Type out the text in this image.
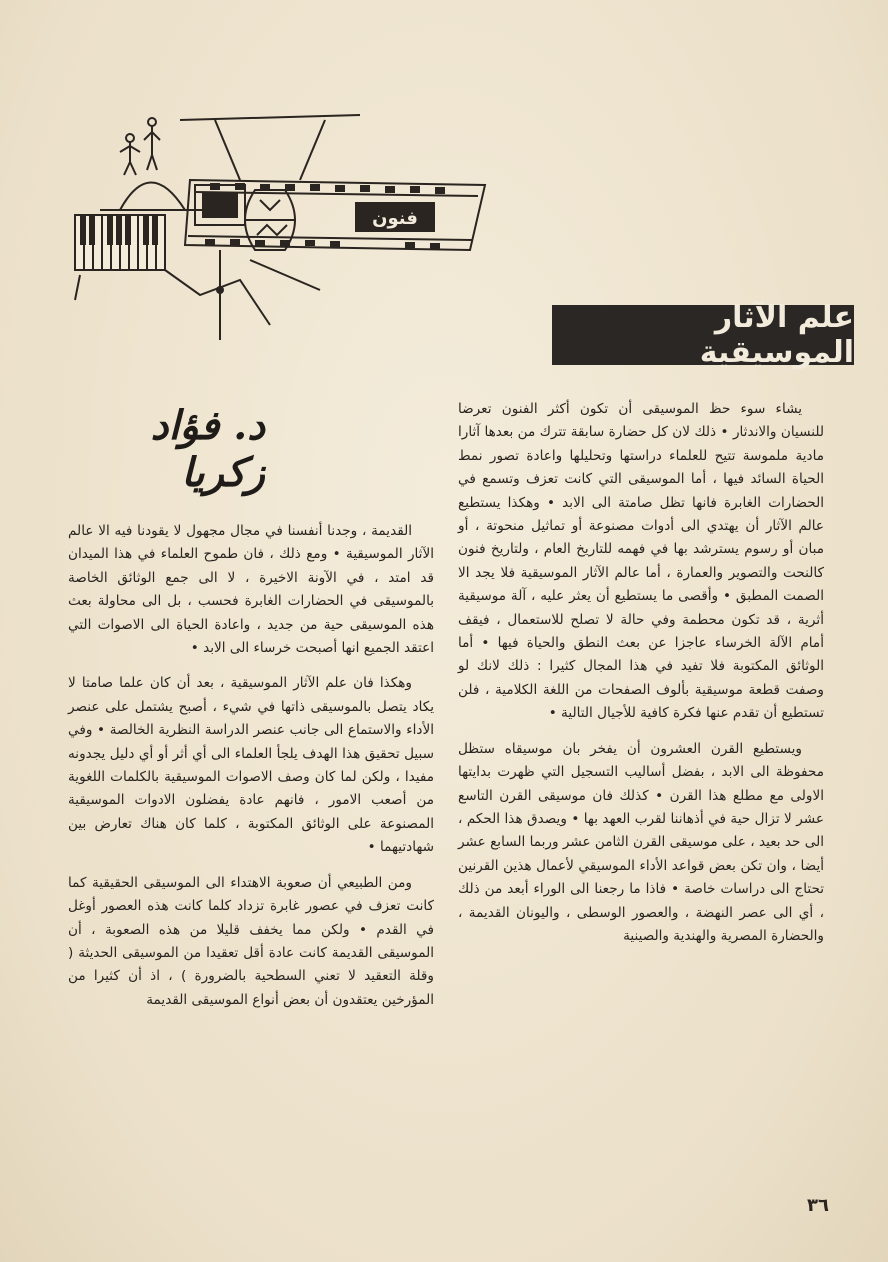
فنون
علم الآثار الموسيقية
د. فؤاد زكريا

يشاء سوء حظ الموسيقى أن تكون أكثر الفنون تعرضا للنسيان والاندثار • ذلك لان كل حضارة سابقة تترك من بعدها آثارا مادية ملموسة تتيح للعلماء دراستها وتحليلها واعادة تصور نمط الحياة السائد فيها ، أما الموسيقى التي كانت تعزف وتسمع في الحضارات الغابرة فانها تظل صامتة الى الابد • وهكذا يستطيع عالم الآثار أن يهتدي الى أدوات مصنوعة أو تماثيل منحوتة ، أو مبان أو رسوم يسترشد بها في فهمه للتاريخ العام ، ولتاريخ فنون كالنحت والتصوير والعمارة ، أما عالم الآثار الموسيقية فلا يجد الا الصمت المطبق • وأقصى ما يستطيع أن يعثر عليه ، آلة موسيقية أثرية ، قد تكون محطمة وفي حالة لا تصلح للاستعمال ، فيقف أمام الآلة الخرساء عاجزا عن بعث النطق والحياة فيها • أما الوثائق المكتوبة فلا تفيد في هذا المجال كثيرا : ذلك لانك لو وصفت قطعة موسيقية بألوف الصفحات من اللغة الكلامية ، فلن تستطيع أن تقدم عنها فكرة كافية للأجيال التالية •

ويستطيع القرن العشرون أن يفخر بان موسيقاه ستظل محفوظة الى الابد ، بفضل أساليب التسجيل التي ظهرت بدايتها الاولى مع مطلع هذا القرن • كذلك فان موسيقى القرن التاسع عشر لا تزال حية في أذهاننا لقرب العهد بها • ويصدق هذا الحكم ، الى حد بعيد ، على موسيقى القرن الثامن عشر وربما السابع عشر أيضا ، وان تكن بعض قواعد الأداء الموسيقي لأعمال هذين القرنين تحتاج الى دراسات خاصة • فاذا ما رجعنا الى الوراء أبعد من ذلك ، أي الى عصر النهضة ، والعصور الوسطى ، واليونان القديمة ، والحضارة المصرية والهندية والصينية

القديمة ، وجدنا أنفسنا في مجال مجهول لا يقودنا فيه الا عالم الآثار الموسيقية • ومع ذلك ، فان طموح العلماء في هذا الميدان قد امتد ، في الآونة الاخيرة ، لا الى جمع الوثائق الخاصة بالموسيقى في الحضارات الغابرة فحسب ، بل الى محاولة بعث هذه الموسيقى حية من جديد ، واعادة الحياة الى الاصوات التي اعتقد الجميع انها أصبحت خرساء الى الابد •

وهكذا فان علم الآثار الموسيقية ، بعد أن كان علما صامتا لا يكاد يتصل بالموسيقى ذاتها في شيء ، أصبح يشتمل على عنصر الأداء والاستماع الى جانب عنصر الدراسة النظرية الخالصة • وفي سبيل تحقيق هذا الهدف يلجأ العلماء الى أي أثر أو أي دليل يجدونه مفيدا ، ولكن لما كان وصف الاصوات الموسيقية بالكلمات اللغوية من أصعب الامور ، فانهم عادة يفضلون الادوات الموسيقية المصنوعة على الوثائق المكتوبة ، كلما كان هناك تعارض بين شهادتيهما •

ومن الطبيعي أن صعوبة الاهتداء الى الموسيقى الحقيقية كما كانت تعزف في عصور غابرة تزداد كلما كانت هذه العصور أوغل في القدم • ولكن مما يخفف قليلا من هذه الصعوبة ، أن الموسيقى القديمة كانت عادة أقل تعقيدا من الموسيقى الحديثة ( وقلة التعقيد لا تعني السطحية بالضرورة ) ، اذ أن كثيرا من المؤرخين يعتقدون أن بعض أنواع الموسيقى القديمة

٣٦
